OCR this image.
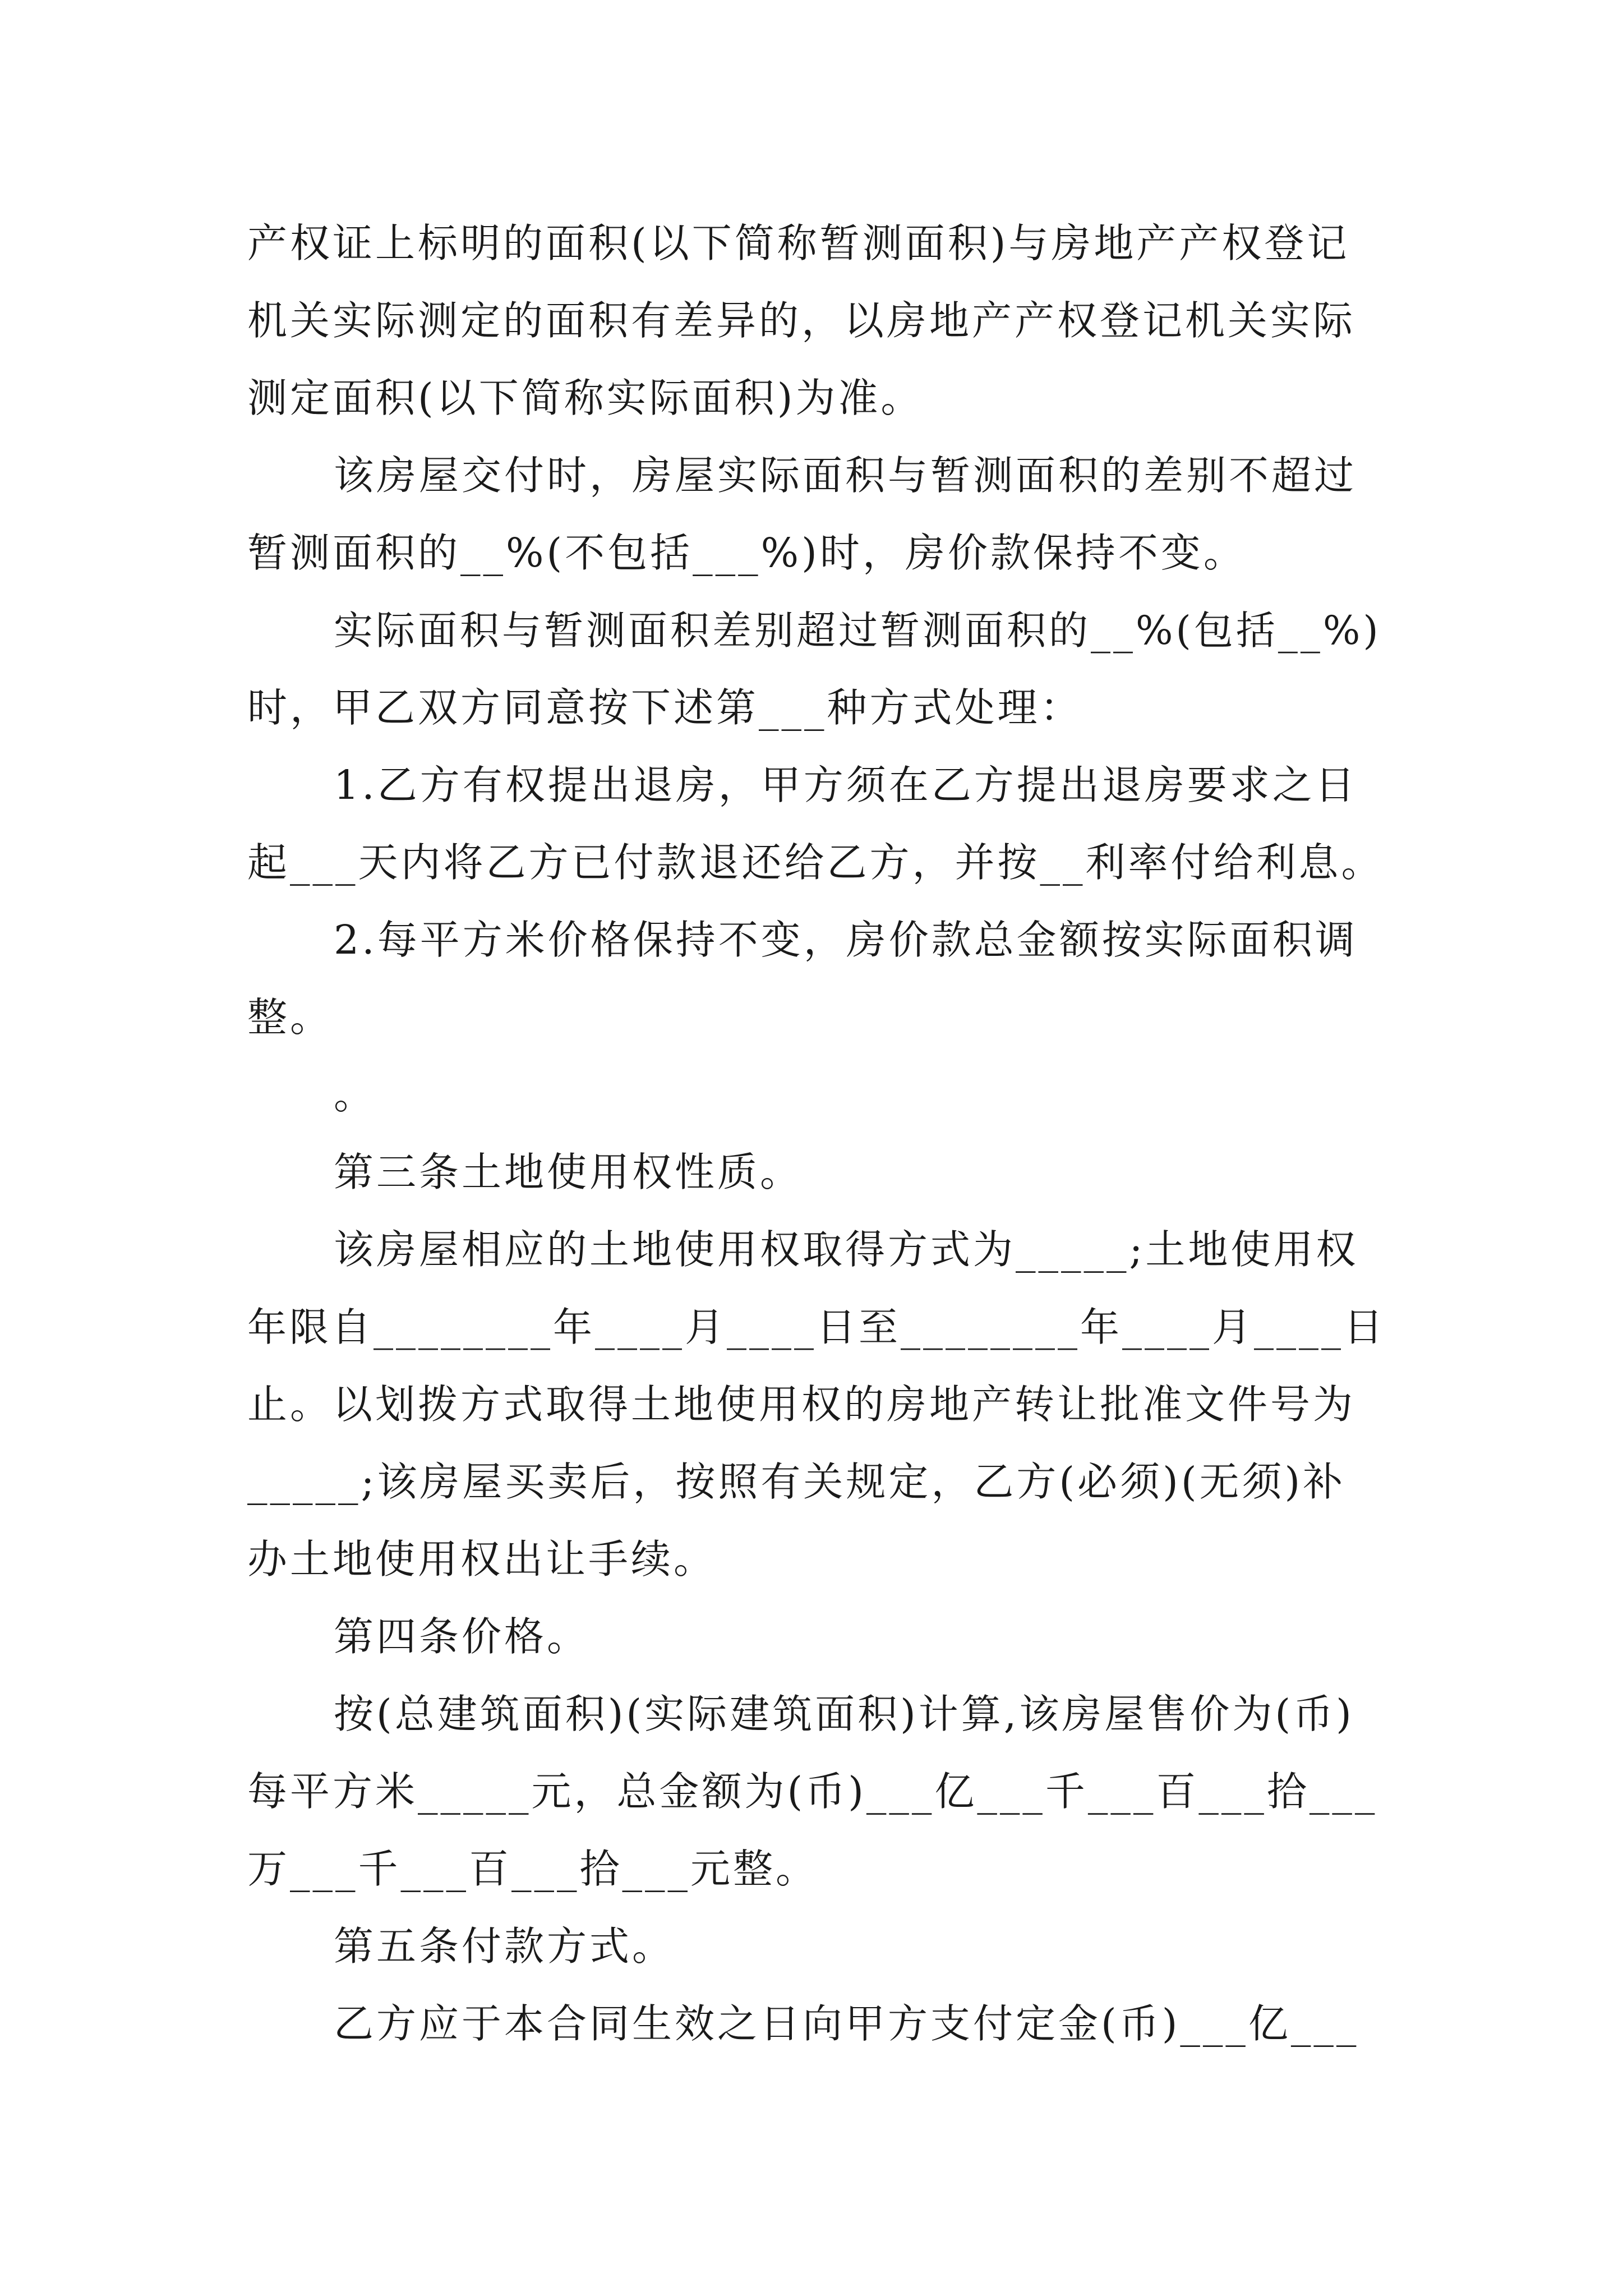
产权证上标明的面积(以下简称暂测面积)与房地产产权登记
机关实际测定的面积有差异的，以房地产产权登记机关实际
测定面积(以下简称实际面积)为准。
该房屋交付时，房屋实际面积与暂测面积的差别不超过
暂测面积的__%(不包括___%)时，房价款保持不变。
实际面积与暂测面积差别超过暂测面积的__%(包括__%)
时，甲乙双方同意按下述第___种方式处理：
1.乙方有权提出退房，甲方须在乙方提出退房要求之日
起___天内将乙方已付款退还给乙方，并按__利率付给利息。
2.每平方米价格保持不变，房价款总金额按实际面积调
整。
。
第三条土地使用权性质。
该房屋相应的土地使用权取得方式为_____;土地使用权
年限自________年____月____日至________年____月____日
止。以划拨方式取得土地使用权的房地产转让批准文件号为
_____;该房屋买卖后，按照有关规定，乙方(必须)(无须)补
办土地使用权出让手续。
第四条价格。
按(总建筑面积)(实际建筑面积)计算,该房屋售价为(币)
每平方米_____元，总金额为(币)___亿___千___百___拾___
万___千___百___拾___元整。
第五条付款方式。
乙方应于本合同生效之日向甲方支付定金(币)___亿___
